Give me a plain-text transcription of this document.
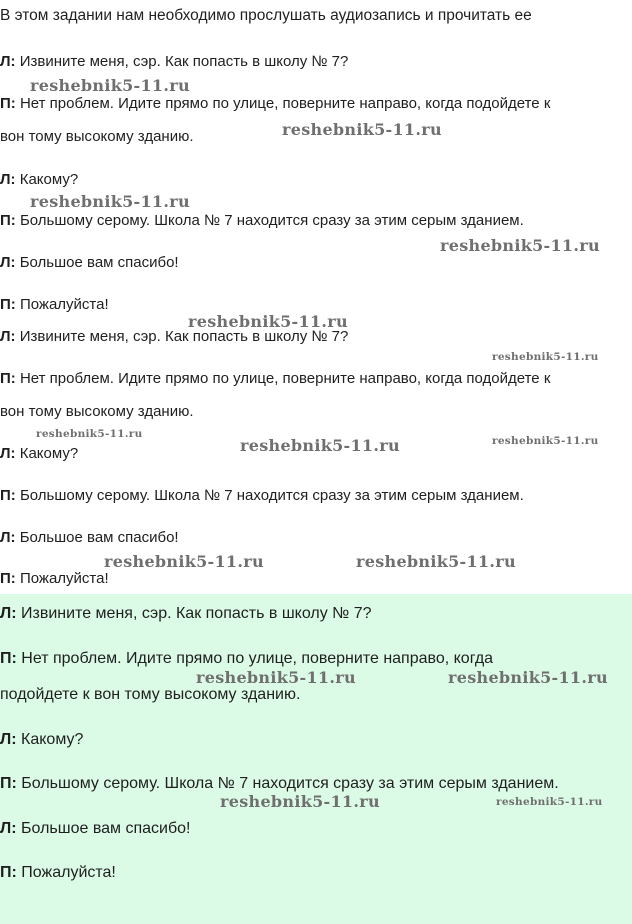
В этом задании нам необходимо прослушать аудиозапись и прочитать ее
Л: Извините меня, сэр. Как попасть в школу № 7?
П: Нет проблем. Идите прямо по улице, поверните направо, когда подойдете к
вон тому высокому зданию.
Л: Какому?
П: Большому серому. Школа № 7 находится сразу за этим серым зданием.
Л: Большое вам спасибо!
П: Пожалуйста!
Л: Извините меня, сэр. Как попасть в школу № 7?
П: Нет проблем. Идите прямо по улице, поверните направо, когда подойдете к
вон тому высокому зданию.
Л: Какому?
П: Большому серому. Школа № 7 находится сразу за этим серым зданием.
Л: Большое вам спасибо!
П: Пожалуйста!
Л: Извините меня, сэр. Как попасть в школу № 7?
П: Нет проблем. Идите прямо по улице, поверните направо, когда
подойдете к вон тому высокому зданию.
Л: Какому?
П: Большому серому. Школа № 7 находится сразу за этим серым зданием.
Л: Большое вам спасибо!
П: Пожалуйста!
reshebnik5-11.ru
reshebnik5-11.ru
reshebnik5-11.ru
reshebnik5-11.ru
reshebnik5-11.ru
reshebnik5-11.ru
reshebnik5-11.ru
reshebnik5-11.ru	reshebnik5-11.ru
reshebnik5-11.ru	reshebnik5-11.ru
reshebnik5-11.ru	reshebnik5-11.ru
reshebnik5-11.ru	reshebnik5-11.ru
